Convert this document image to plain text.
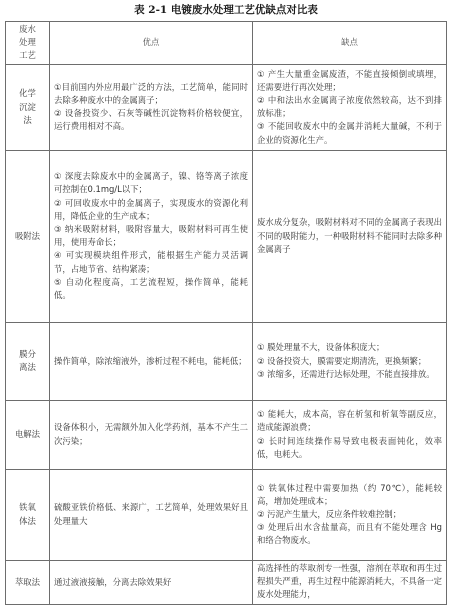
表 2-1 电镀废水处理工艺优缺点对比表
废水处理工艺	优点	缺点
化学沉淀法	①目前国内外应用最广泛的方法，工艺简单，能同时去除多种废水中的金属离子；
② 设备投资少、石灰等碱性沉淀物料价格较便宜，运行费用相对不高。	① 产生大量重金属废渣，不能直接倾倒或填埋，还需要进行再次处理；
② 中和法出水金属离子浓度依然较高，达不到排放标准；
③ 不能回收废水中的金属并消耗大量碱，不利于企业的资源化生产。

吸附法	① 深度去除废水中的金属离子，镍、铬等离子浓度可控制在0.1mg/L以下；
② 可回收废水中的金属离子，实现废水的资源化利用，降低企业的生产成本；
③ 纳米吸附材料，吸附容量大，吸附材料可再生使用，使用寿命长；
④ 可实现模块组件形式，能根据生产能力灵活调节，占地节省、结构紧凑；
⑤ 自动化程度高，工艺流程短，操作简单，能耗低。	废水成分复杂，吸附材料对不同的金属离子表现出不同的吸附能力，一种吸附材料不能同时去除多种金属离子

膜分离法	操作简单，除浓缩液外，渗析过程不耗电，能耗低；	① 膜处理量不大，设备体积庞大；
② 设备投资大，膜需要定期清洗，更换频繁；
③ 浓缩多，还需进行达标处理，不能直接排放。

电解法	设备体积小，无需额外加入化学药剂，基本不产生二次污染；	① 能耗大，成本高，容在析氢和析氧等副反应，造成能源浪费；
② 长时间连续操作易导致电极表面钝化，效率低，电耗大。

铁氧体法	硫酸亚铁价格低、来源广，工艺简单，处理效果好且处理量大	① 铁氧体过程中需要加热（约 70℃），能耗较高，增加处理成本；
② 污泥产生量大，反应条件较难控制；
③ 处理后出水含盐量高，而且有不能处理含 Hg 和络合物废水。

萃取法	通过液液接触，分离去除效果好	高选择性的萃取剂专一性强，溶剂在萃取和再生过程损失严重，再生过程中能源消耗大，不具备一定废水处理能力，
